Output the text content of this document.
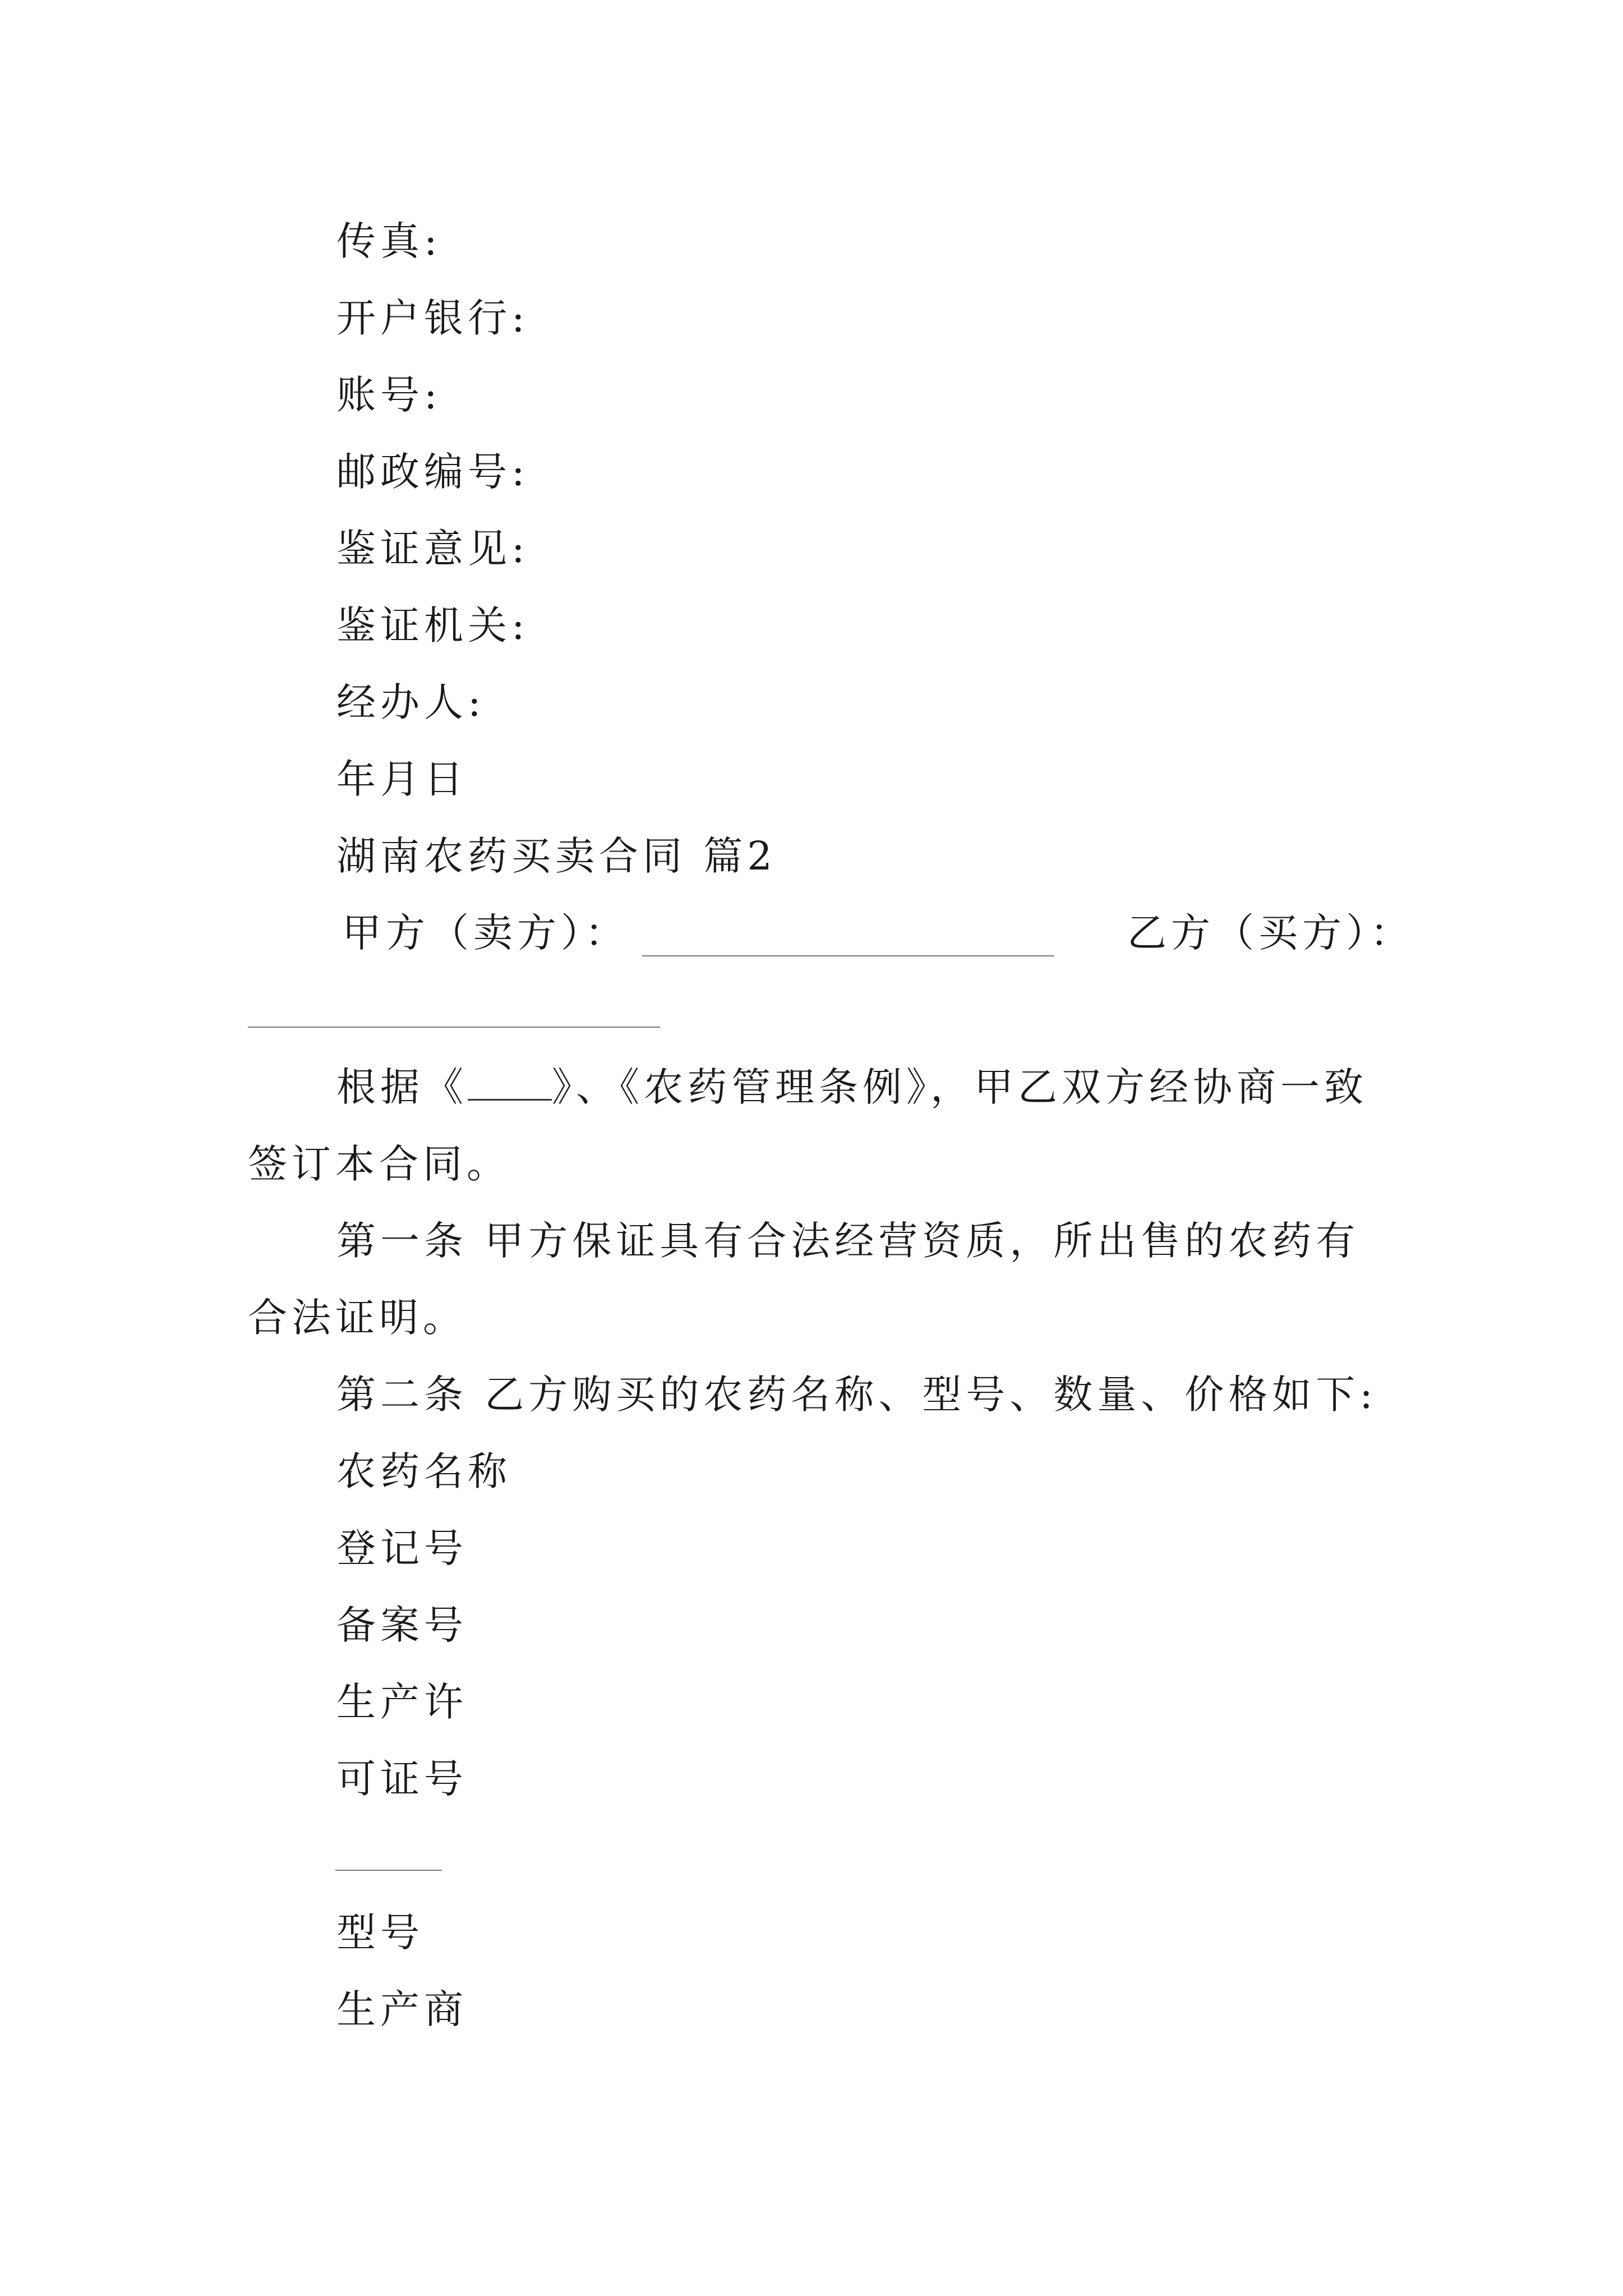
传真:
开户银行:
账号:
邮政编号:
鉴证意见:
鉴证机关:
经办人:
年月日
湖南农药买卖合同 篇2
甲方（卖方）：	乙方（买方）：
根据《 》、《农药管理条例》，甲乙双方经协商一致
签订本合同。
第一条 甲方保证具有合法经营资质，所出售的农药有
合法证明。
第二条 乙方购买的农药名称、型号、数量、价格如下:
农药名称
登记号
备案号
生产许
可证号
型号
生产商
